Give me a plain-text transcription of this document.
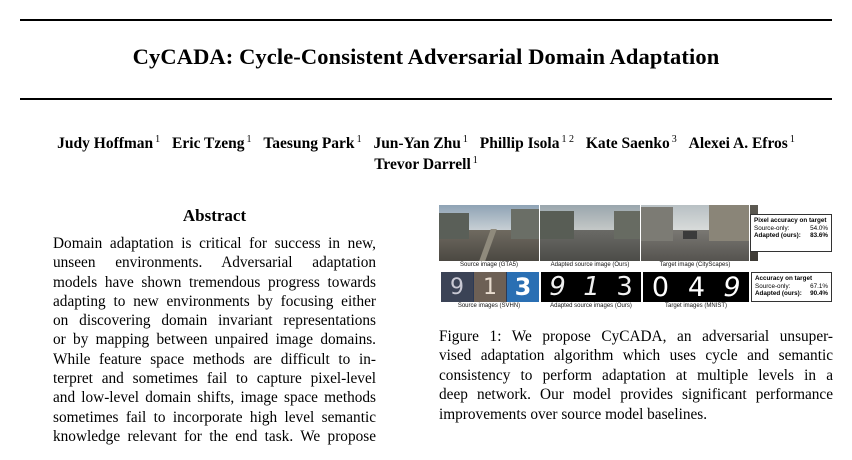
CyCADA: Cycle-Consistent Adversarial Domain Adaptation
Judy Hoffman $^1$ Eric Tzeng $^1$ Taesung Park $^1$ Jun-Yan Zhu $^1$ Phillip Isola $^{1 2}$ Kate Saenko $^3$ Alexei A. Efros $^1$
Trevor Darrell $^1$
Abstract
Domain adaptation is critical for success in new,
unseen environments. Adversarial adaptation
models have shown tremendous progress towards
adapting to new environments by focusing either
on discovering domain invariant representations
or by mapping between unpaired image domains.
While feature space methods are difficult to in-
terpret and sometimes fail to capture pixel-level
and low-level domain shifts, image space methods
sometimes fail to incorporate high level semantic
knowledge relevant for the end task. We propose
Pixel accuracy on target
Source-only:	54.0%
Adapted (ours): 83.6%
Source image (GTA5)	Adapted source image (Ours)	Target image (CityScapes)
9 1 3 9 1 3 0 4 9	Accuracy on target
Source-only:	67.1%
Adapted (ours): 90.4%
Source images (SVHN)	Adapted source images (Ours)	Target images (MNIST)
Figure 1: We propose CyCADA, an adversarial unsuper-
vised adaptation algorithm which uses cycle and semantic
consistency to perform adaptation at multiple levels in a
deep network. Our model provides significant performance
improvements over source model baselines.
